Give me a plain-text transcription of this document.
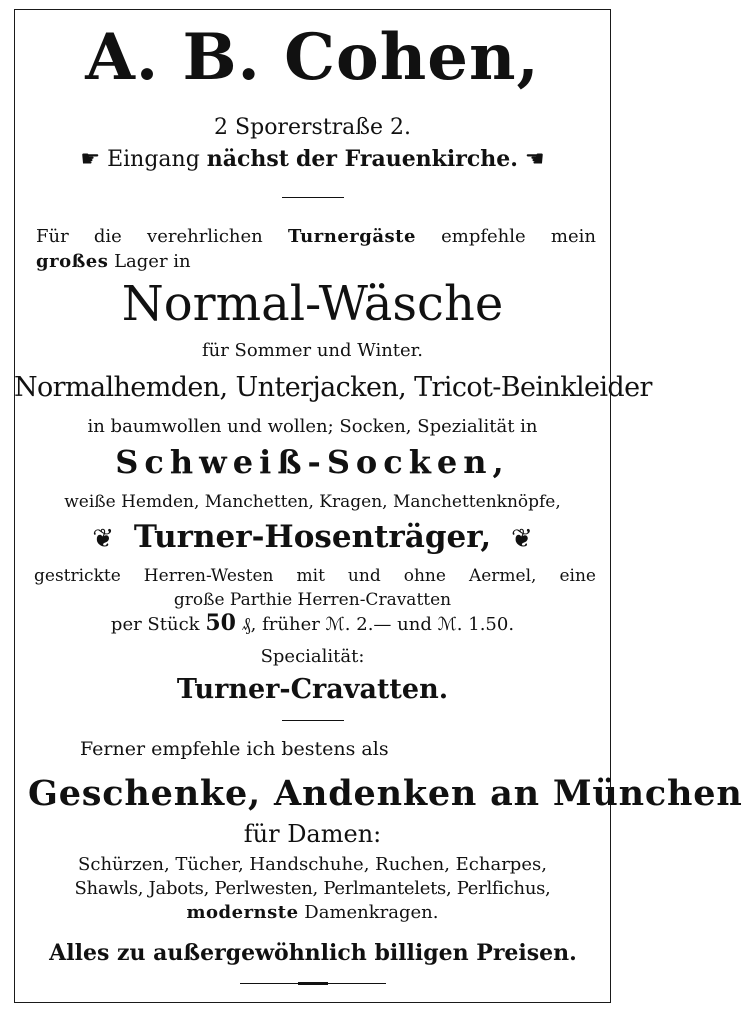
A. B. Cohen,
2 Sporerstraße 2.
☛ Eingang nächst der Frauenkirche. ☚
Für die verehrlichen Turnergäste empfehle mein
großes Lager in
Normal-Wäsche
für Sommer und Winter.
Normalhemden, Unterjacken, Tricot-Beinkleider
in baumwollen und wollen; Socken, Spezialität in
Schweiß-Socken,
weiße Hemden, Manchetten, Kragen, Manchettenknöpfe,
❦ Turner-Hosenträger, ❦
gestrickte Herren-Westen mit und ohne Aermel, eine
große Parthie Herren-Cravatten
per Stück 50 ₰, früher ℳ. 2.— und ℳ. 1.50.
Specialität:
Turner-Cravatten.
Ferner empfehle ich bestens als
Geschenke, Andenken an München
für Damen:
Schürzen, Tücher, Handschuhe, Ruchen, Echarpes,
Shawls, Jabots, Perlwesten, Perlmantelets, Perlfichus,
modernste Damenkragen.
Alles zu außergewöhnlich billigen Preisen.
